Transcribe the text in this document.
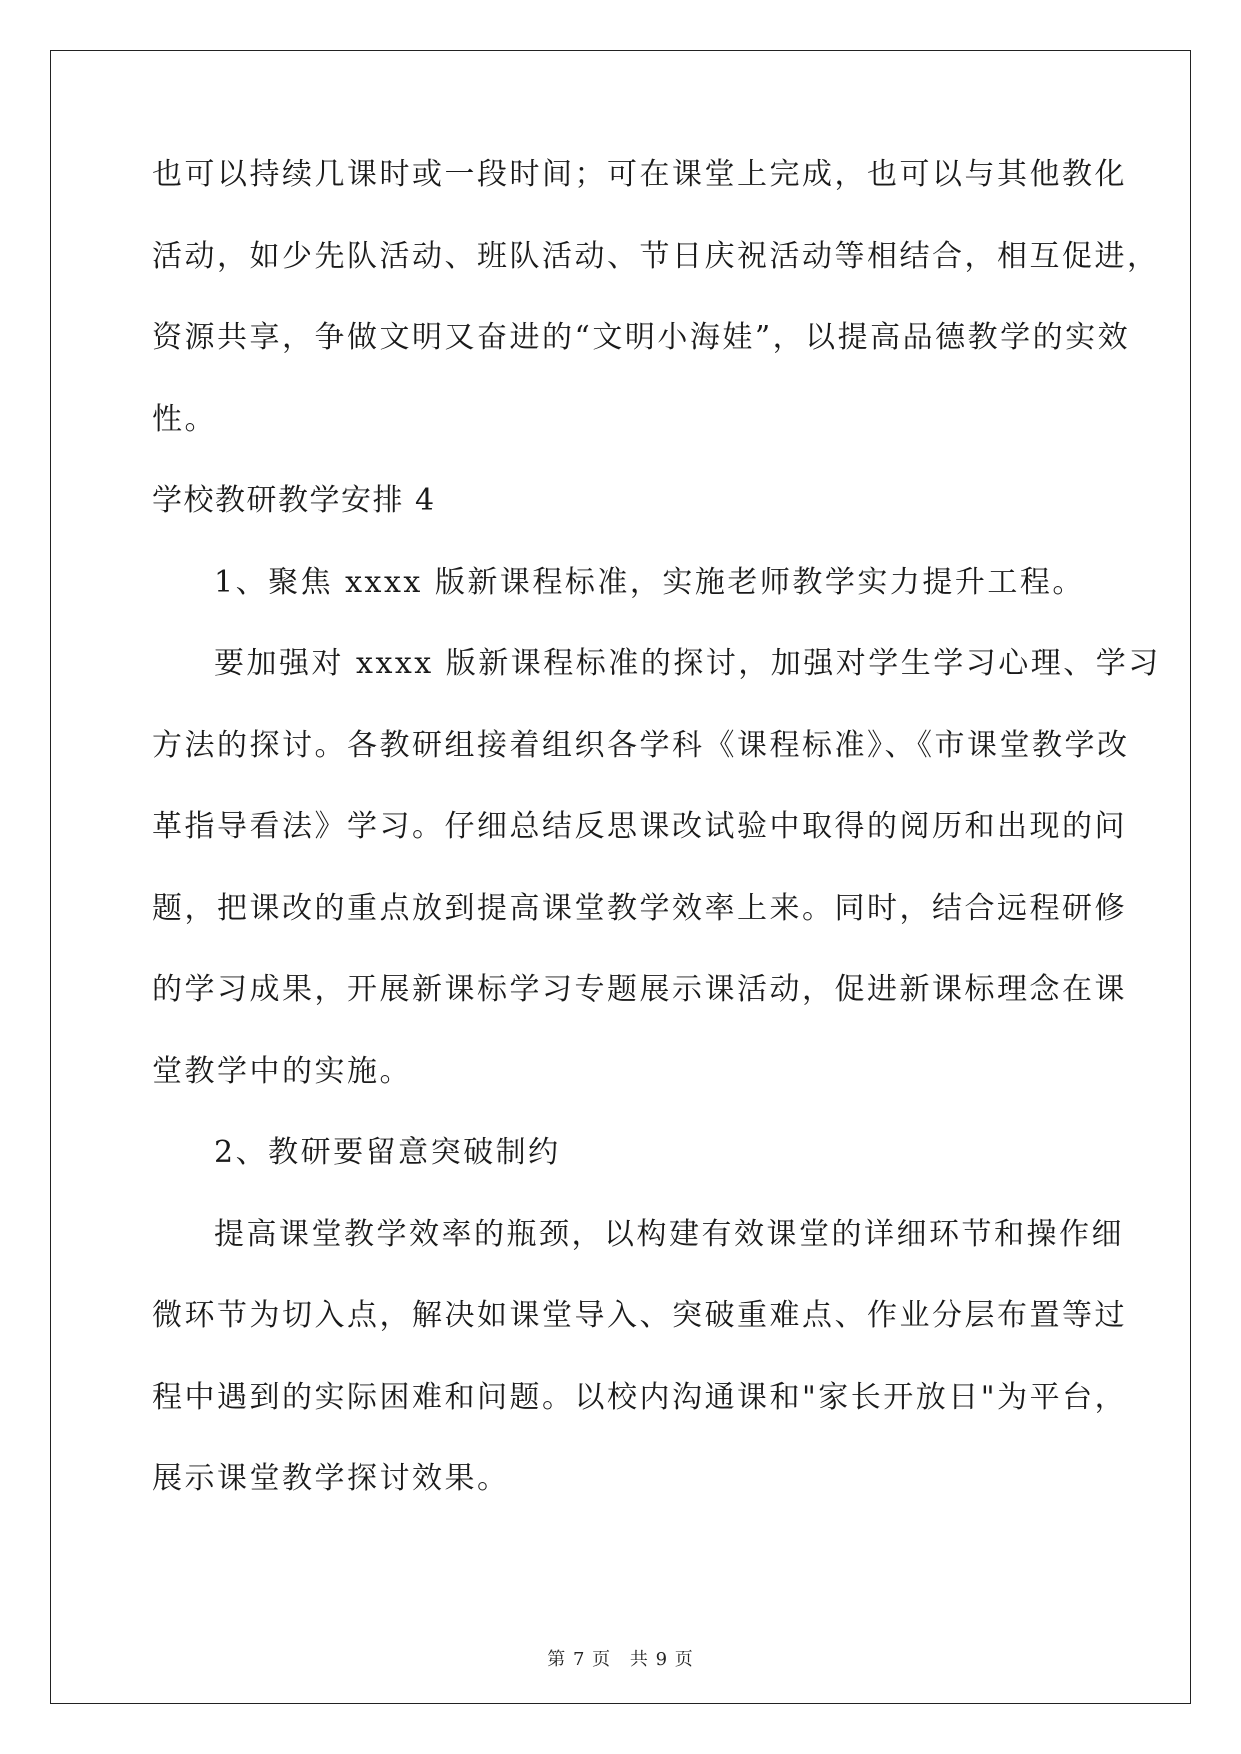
也可以持续几课时或一段时间；可在课堂上完成，也可以与其他教化
活动，如少先队活动、班队活动、节日庆祝活动等相结合，相互促进，
资源共享，争做文明又奋进的“文明小海娃”，以提高品德教学的实效
性。
学校教研教学安排 4
1、聚焦 xxxx 版新课程标准，实施老师教学实力提升工程。
要加强对 xxxx 版新课程标准的探讨，加强对学生学习心理、学习
方法的探讨。各教研组接着组织各学科《课程标准》、《市课堂教学改
革指导看法》学习。仔细总结反思课改试验中取得的阅历和出现的问
题，把课改的重点放到提高课堂教学效率上来。同时，结合远程研修
的学习成果，开展新课标学习专题展示课活动，促进新课标理念在课
堂教学中的实施。
2、教研要留意突破制约
提高课堂教学效率的瓶颈，以构建有效课堂的详细环节和操作细
微环节为切入点，解决如课堂导入、突破重难点、作业分层布置等过
程中遇到的实际困难和问题。以校内沟通课和"家长开放日"为平台，
展示课堂教学探讨效果。
第 7 页 共 9 页
